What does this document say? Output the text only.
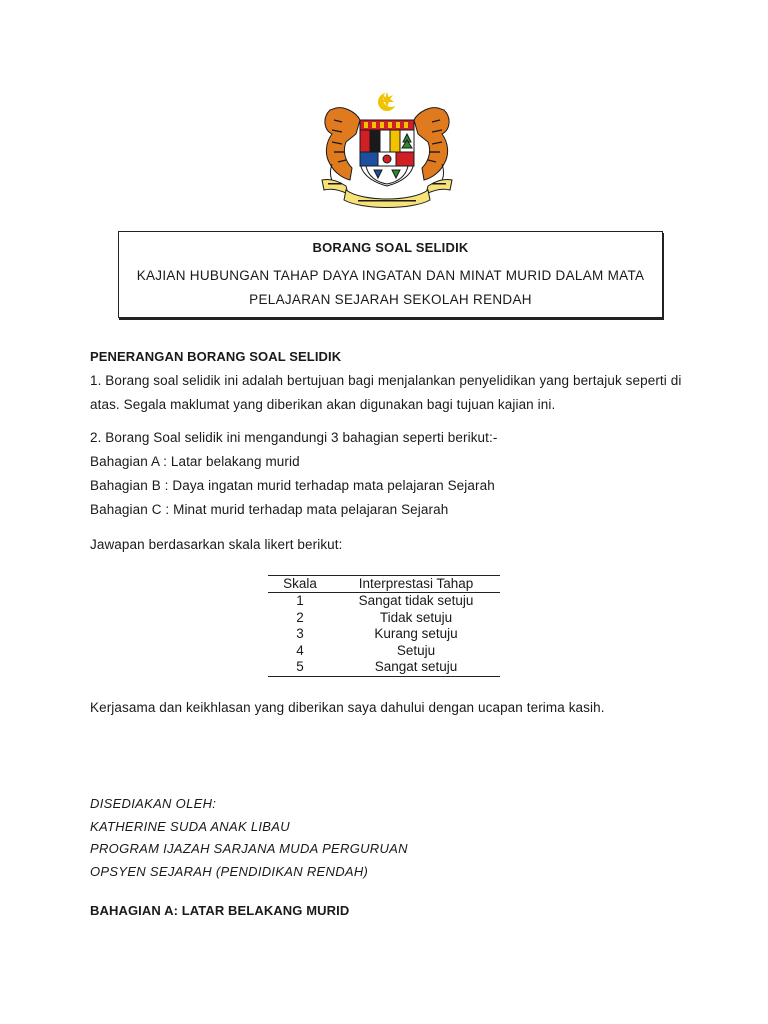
BORANG SOAL SELIDIK
KAJIAN HUBUNGAN TAHAP DAYA INGATAN DAN MINAT MURID DALAM MATA PELAJARAN SEJARAH SEKOLAH RENDAH
PENERANGAN BORANG SOAL SELIDIK
1. Borang soal selidik ini adalah bertujuan bagi menjalankan penyelidikan yang bertajuk seperti di atas. Segala maklumat yang diberikan akan digunakan bagi tujuan kajian ini.
2. Borang Soal selidik ini mengandungi 3 bahagian seperti berikut:-
Bahagian A : Latar belakang murid
Bahagian B : Daya ingatan murid terhadap mata pelajaran Sejarah
Bahagian C : Minat murid terhadap mata pelajaran Sejarah
Jawapan berdasarkan skala likert berikut:
Skala	Interprestasi Tahap
1	Sangat tidak setuju
2	Tidak setuju
3	Kurang setuju
4	Setuju
5	Sangat setuju
Kerjasama dan keikhlasan yang diberikan saya dahului dengan ucapan terima kasih.
DISEDIAKAN OLEH:
KATHERINE SUDA ANAK LIBAU
PROGRAM IJAZAH SARJANA MUDA PERGURUAN
OPSYEN SEJARAH (PENDIDIKAN RENDAH)
BAHAGIAN A: LATAR BELAKANG MURID
